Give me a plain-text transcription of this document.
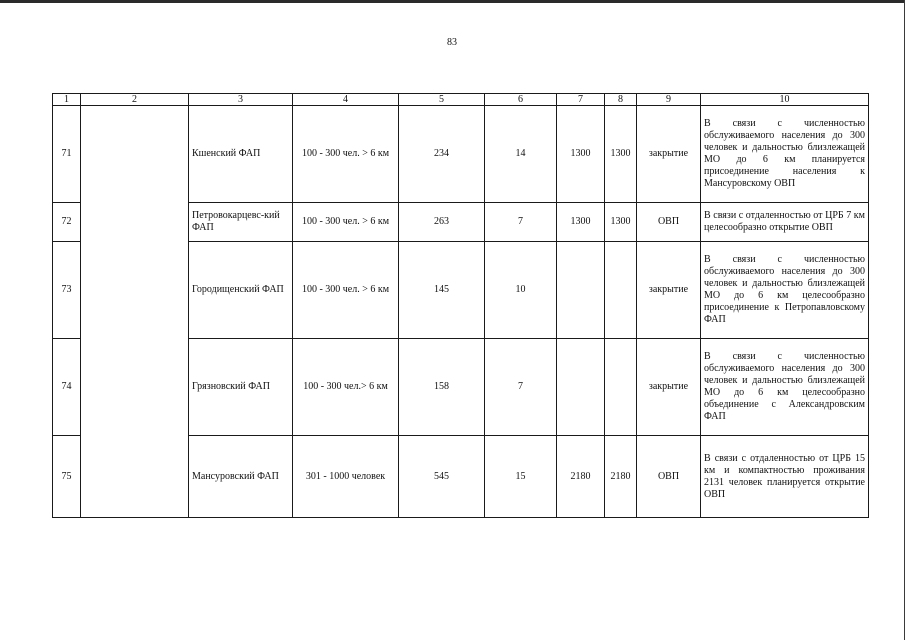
83
1	2	3	4	5	6	7	8	9	10
71		Кшенский ФАП	100 - 300 чел. > 6 км	234	14	1300	1300	закрытие	В связи с численностью обслуживаемого населения до 300 человек и дальностью близлежащей МО до 6 км планируется присоединение населения к Мансуровскому ОВП
72		Петровокарцевс-кий ФАП	100 - 300 чел. > 6 км	263	7	1300	1300	ОВП	В связи с отдаленностью от ЦРБ 7 км целесообразно открытие ОВП
73		Городищенский ФАП	100 - 300 чел. > 6 км	145	10			закрытие	В связи с численностью обслуживаемого населения до 300 человек и дальностью близлежащей МО до 6 км целесообразно присоединение к Петропавловскому ФАП
74		Грязновский ФАП	100 - 300 чел.> 6 км	158	7			закрытие	В связи с численностью обслуживаемого населения до 300 человек и дальностью близлежащей МО до 6 км целесообразно объединение с Александровским ФАП
75		Мансуровский ФАП	301 - 1000 человек	545	15	2180	2180	ОВП	В связи с отдаленностью от ЦРБ 15 км и компактностью проживания 2131 человек планируется открытие ОВП
